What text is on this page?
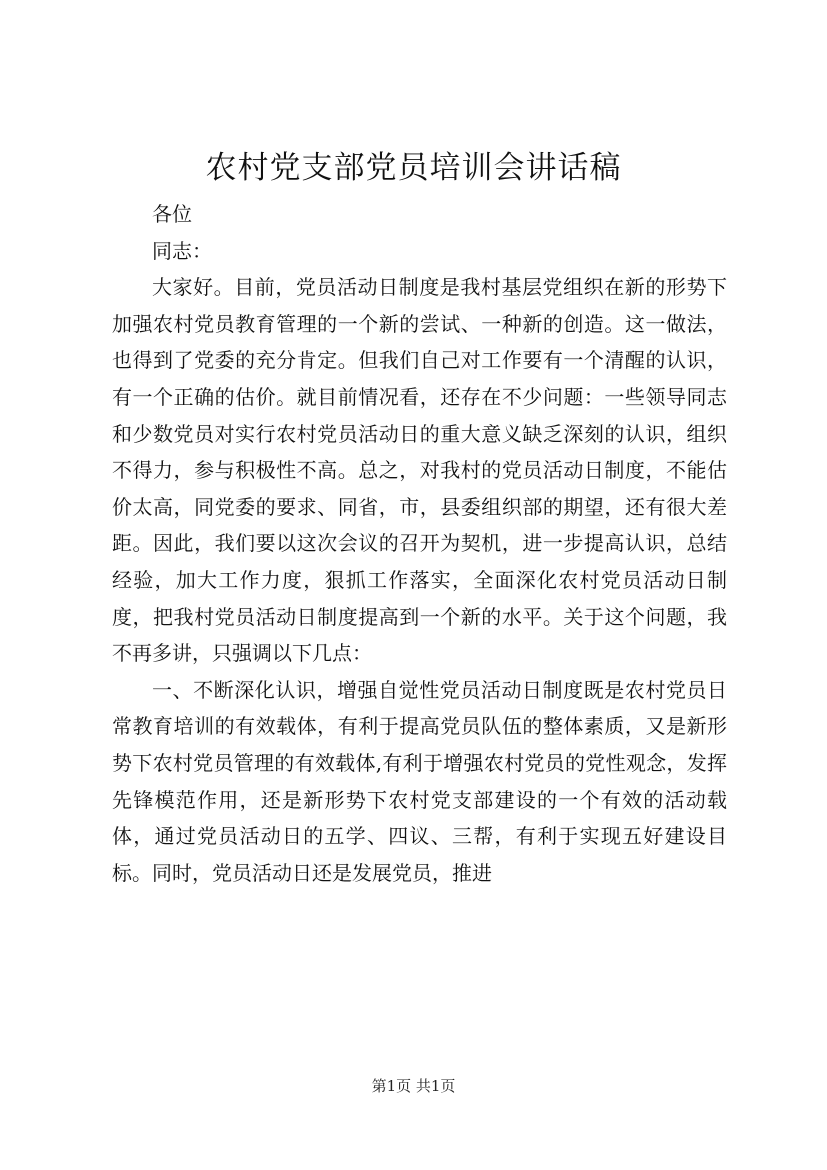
农村党支部党员培训会讲话稿

各位

同志：

大家好。目前，党员活动日制度是我村基层党组织在新的形势下加强农村党员教育管理的一个新的尝试、一种新的创造。这一做法，也得到了党委的充分肯定。但我们自己对工作要有一个清醒的认识，有一个正确的估价。就目前情况看，还存在不少问题：一些领导同志和少数党员对实行农村党员活动日的重大意义缺乏深刻的认识，组织不得力，参与积极性不高。总之，对我村的党员活动日制度，不能估价太高，同党委的要求、同省，市，县委组织部的期望，还有很大差距。因此，我们要以这次会议的召开为契机，进一步提高认识，总结经验，加大工作力度，狠抓工作落实，全面深化农村党员活动日制度，把我村党员活动日制度提高到一个新的水平。关于这个问题，我不再多讲，只强调以下几点：

一、不断深化认识，增强自觉性党员活动日制度既是农村党员日常教育培训的有效载体，有利于提高党员队伍的整体素质，又是新形势下农村党员管理的有效载体,有利于增强农村党员的党性观念，发挥先锋模范作用，还是新形势下农村党支部建设的一个有效的活动载体，通过党员活动日的五学、四议、三帮，有利于实现五好建设目标。同时，党员活动日还是发展党员，推进

第1页 共1页
